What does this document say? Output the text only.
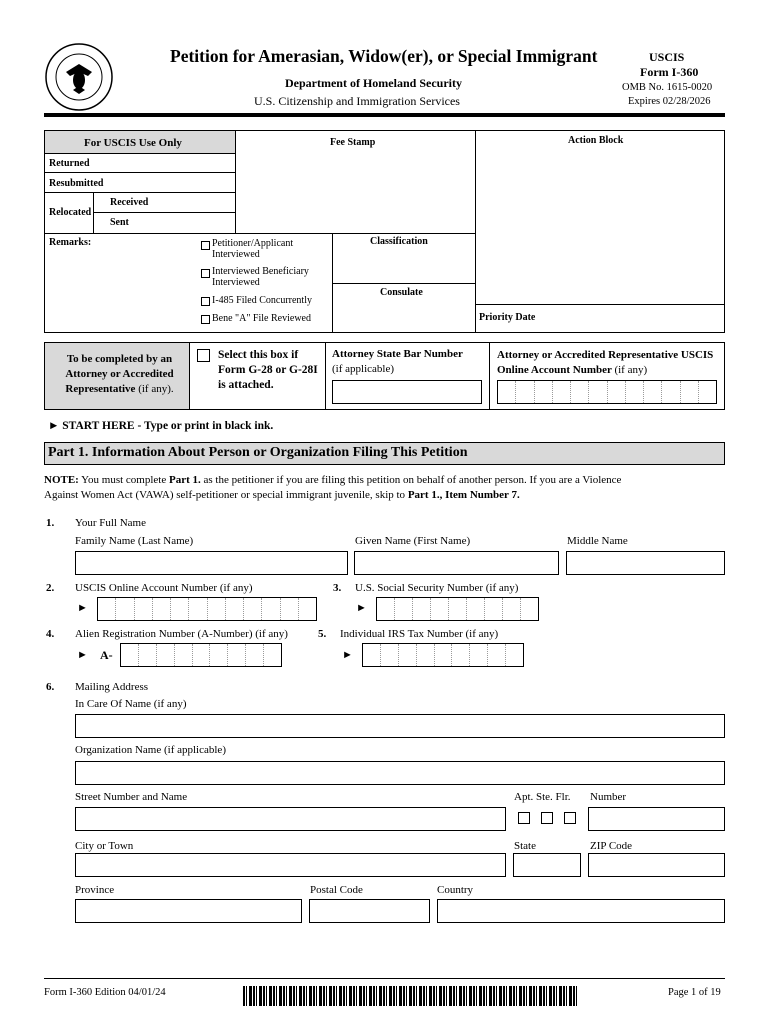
Petition for Amerasian, Widow(er), or Special Immigrant
Department of Homeland Security
U.S. Citizenship and Immigration Services
USCIS
Form I-360
OMB No. 1615-0020
Expires 02/28/2026
For USCIS Use Only	Fee Stamp	Action Block
Returned
Resubmitted
Relocated
Received
Sent
Remarks:	Classification
Consulate
Priority Date
Petitioner/Applicant Interviewed
Interviewed Beneficiary Interviewed
I-485 Filed Concurrently
Bene "A" File Reviewed
To be completed by an Attorney or Accredited Representative (if any).
Select this box if Form G-28 or G-28I is attached.
Attorney State Bar Number
(if applicable)
Attorney or Accredited Representative USCIS Online Account Number (if any)
► START HERE - Type or print in black ink.
Part 1. Information About Person or Organization Filing This Petition
NOTE: You must complete Part 1. as the petitioner if you are filing this petition on behalf of another person. If you are a Violence
Against Women Act (VAWA) self-petitioner or special immigrant juvenile, skip to Part 1., Item Number 7.
1. Your Full Name
Family Name (Last Name)	Given Name (First Name)	Middle Name
2. USCIS Online Account Number (if any)
►
3. U.S. Social Security Number (if any)
►
4. Alien Registration Number (A-Number) (if any)
► A-
5. Individual IRS Tax Number (if any)
►
6. Mailing Address
In Care Of Name (if any)
Organization Name (if applicable)
Street Number and Name	Apt. Ste. Flr. Number
City or Town	State	ZIP Code
Province	Postal Code	Country
Form I-360 Edition 04/01/24	Page 1 of 19
